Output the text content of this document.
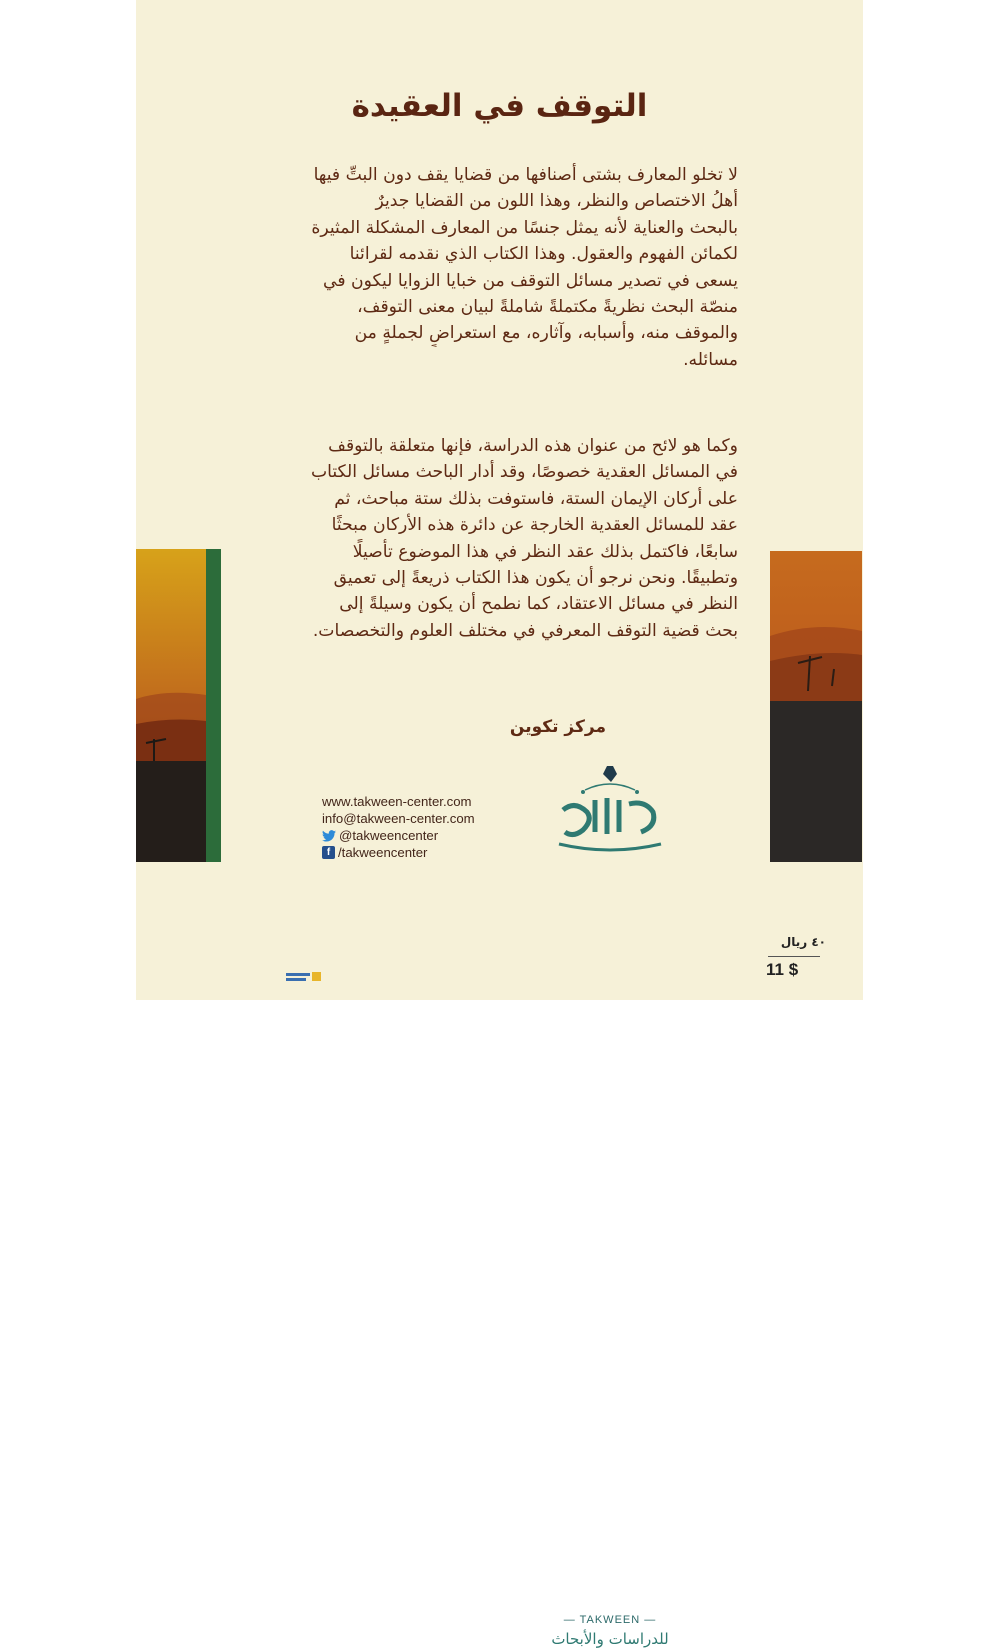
التوقف في العقيدة
لا تخلو المعارف بشتى أصنافها من قضايا يقف دون البتِّ فيها
أهلُ الاختصاص والنظر، وهذا اللون من القضايا جديرٌ
بالبحث والعناية لأنه يمثل جنسًا من المعارف المشكلة المثيرة
لكمائن الفهوم والعقول. وهذا الكتاب الذي نقدمه لقرائنا
يسعى في تصدير مسائل التوقف من خبايا الزوايا ليكون في
منصّة البحث نظريةً مكتملةً شاملةً لبيان معنى التوقف،
والموقف منه، وأسبابه، وآثاره، مع استعراضٍ لجملةٍ من
مسائله.
وكما هو لائح من عنوان هذه الدراسة، فإنها متعلقة بالتوقف
في المسائل العقدية خصوصًا، وقد أدار الباحث مسائل الكتاب
على أركان الإيمان الستة، فاستوفت بذلك ستة مباحث، ثم
عقد للمسائل العقدية الخارجة عن دائرة هذه الأركان مبحثًا
سابعًا، فاكتمل بذلك عقد النظر في هذا الموضوع تأصيلًا
وتطبيقًا. ونحن نرجو أن يكون هذا الكتاب ذريعةً إلى تعميق
النظر في مسائل الاعتقاد، كما نطمح أن يكون وسيلةً إلى
بحث قضية التوقف المعرفي في مختلف العلوم والتخصصات.
مركز تكوين
www.takween-center.com
info@takween-center.com
@takweencenter
f /takweencenter
— TAKWEEN —
للدراسات والأبحاث
٤٠ ريال
11 $
